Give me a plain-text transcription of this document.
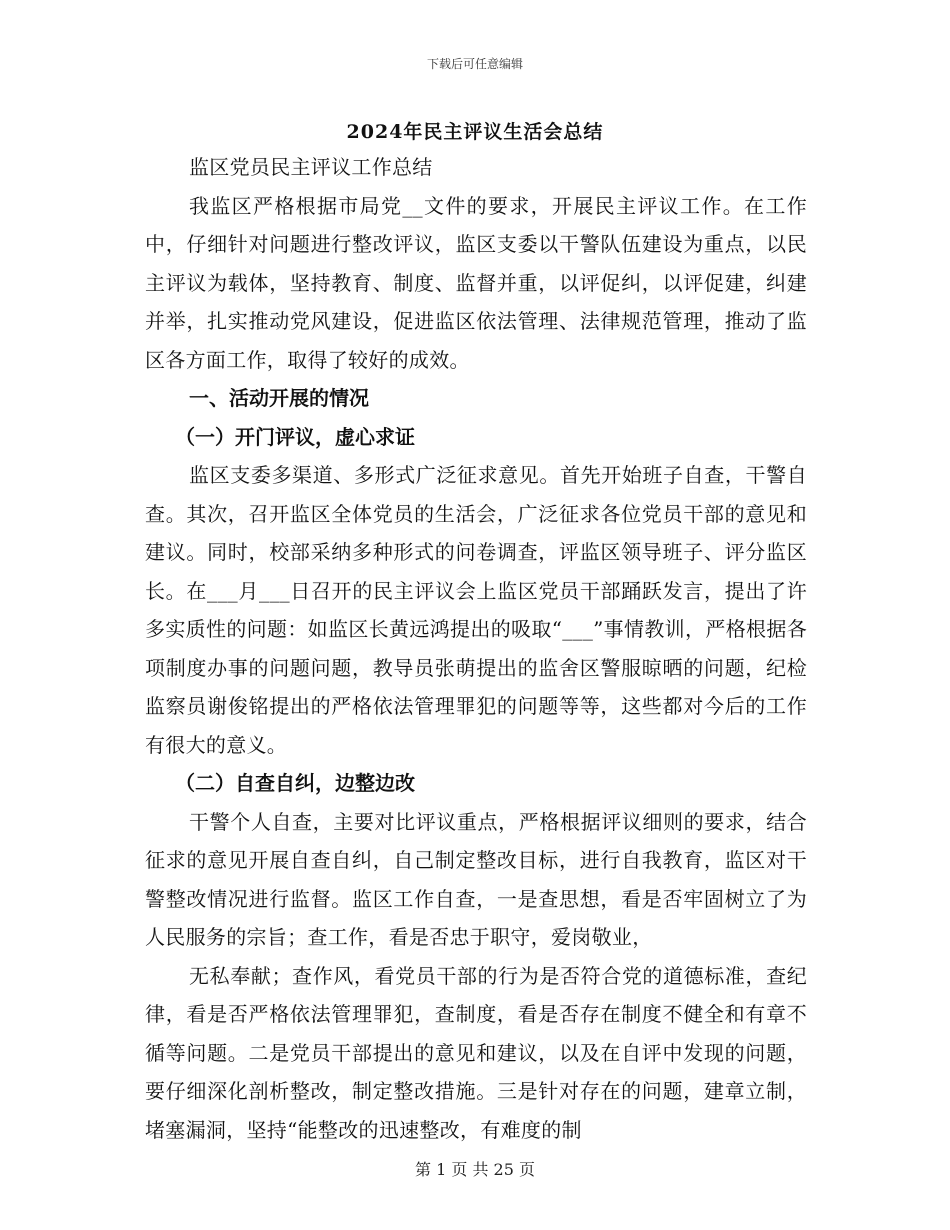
下载后可任意编辑
2024年民主评议生活会总结

监区党员民主评议工作总结

我监区严格根据市局党__文件的要求，开展民主评议工作。在工作中，仔细针对问题进行整改评议，监区支委以干警队伍建设为重点，以民主评议为载体，坚持教育、制度、监督并重，以评促纠，以评促建，纠建并举，扎实推动党风建设，促进监区依法管理、法律规范管理，推动了监区各方面工作，取得了较好的成效。

一、活动开展的情况

（一）开门评议，虚心求证

监区支委多渠道、多形式广泛征求意见。首先开始班子自查，干警自查。其次，召开监区全体党员的生活会，广泛征求各位党员干部的意见和建议。同时，校部采纳多种形式的问卷调查，评监区领导班子、评分监区长。在___月___日召开的民主评议会上监区党员干部踊跃发言，提出了许多实质性的问题：如监区长黄远鸿提出的吸取“___”事情教训，严格根据各项制度办事的问题问题，教导员张萌提出的监舍区警服晾晒的问题，纪检监察员谢俊铭提出的严格依法管理罪犯的问题等等，这些都对今后的工作有很大的意义。

（二）自查自纠，边整边改

干警个人自查，主要对比评议重点，严格根据评议细则的要求，结合征求的意见开展自查自纠，自己制定整改目标，进行自我教育，监区对干警整改情况进行监督。监区工作自查，一是查思想，看是否牢固树立了为人民服务的宗旨；查工作，看是否忠于职守，爱岗敬业，

无私奉献；查作风，看党员干部的行为是否符合党的道德标准，查纪律，看是否严格依法管理罪犯，查制度，看是否存在制度不健全和有章不循等问题。二是党员干部提出的意见和建议，以及在自评中发现的问题，要仔细深化剖析整改，制定整改措施。三是针对存在的问题，建章立制，堵塞漏洞，坚持“能整改的迅速整改，有难度的制

第 1 页 共 25 页
